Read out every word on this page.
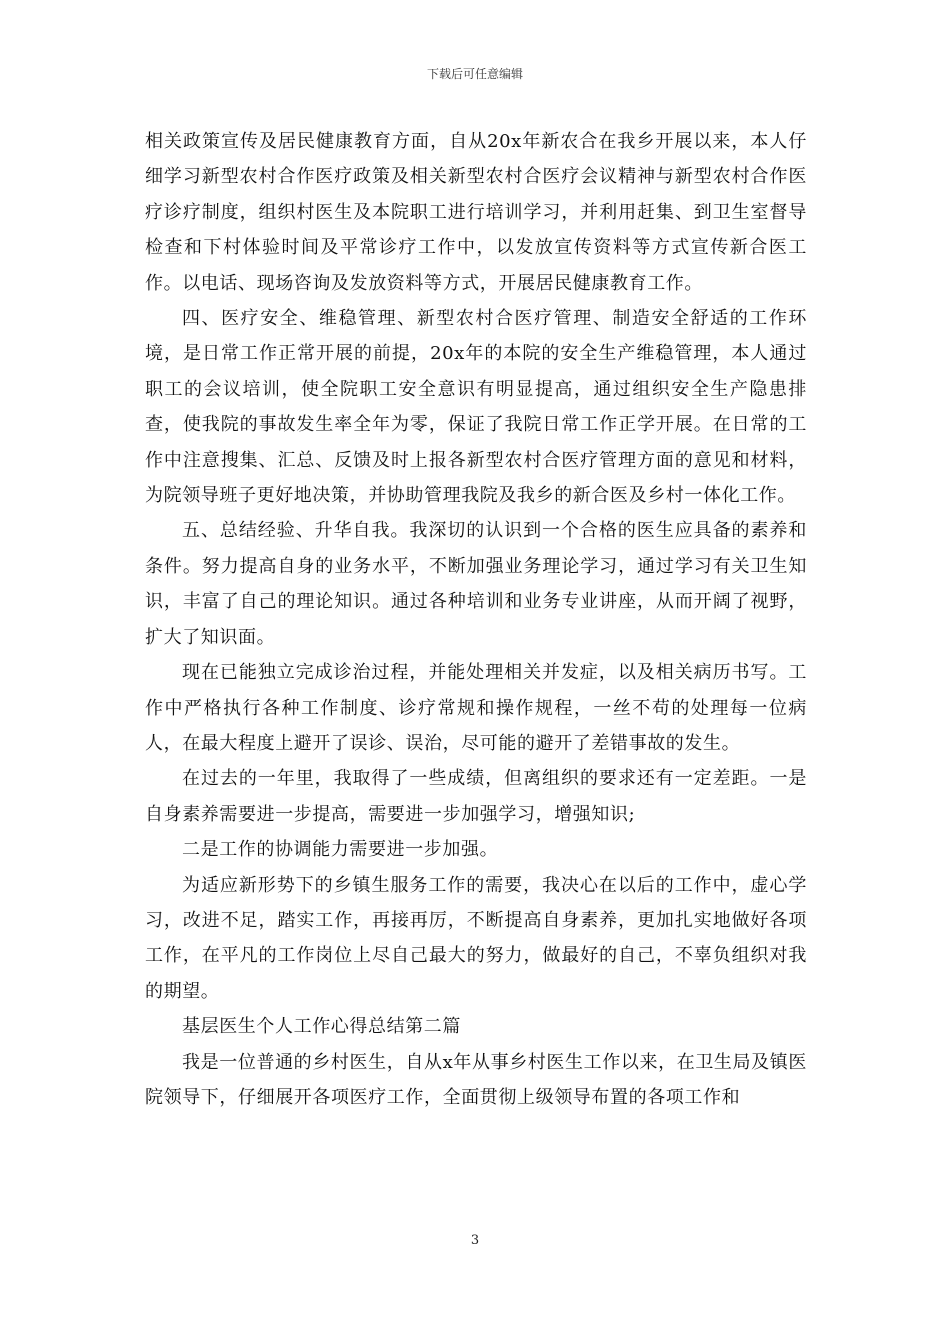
下载后可任意编辑

相关政策宣传及居民健康教育方面，自从20x年新农合在我乡开展以来，本人仔细学习新型农村合作医疗政策及相关新型农村合医疗会议精神与新型农村合作医疗诊疗制度，组织村医生及本院职工进行培训学习，并利用赶集、到卫生室督导检查和下村体验时间及平常诊疗工作中，以发放宣传资料等方式宣传新合医工作。以电话、现场咨询及发放资料等方式，开展居民健康教育工作。

四、医疗安全、维稳管理、新型农村合医疗管理、制造安全舒适的工作环境，是日常工作正常开展的前提，20x年的本院的安全生产维稳管理，本人通过职工的会议培训，使全院职工安全意识有明显提高，通过组织安全生产隐患排查，使我院的事故发生率全年为零，保证了我院日常工作正学开展。在日常的工作中注意搜集、汇总、反馈及时上报各新型农村合医疗管理方面的意见和材料，为院领导班子更好地决策，并协助管理我院及我乡的新合医及乡村一体化工作。

五、总结经验、升华自我。我深切的认识到一个合格的医生应具备的素养和条件。努力提高自身的业务水平，不断加强业务理论学习，通过学习有关卫生知识，丰富了自己的理论知识。通过各种培训和业务专业讲座，从而开阔了视野，扩大了知识面。

现在已能独立完成诊治过程，并能处理相关并发症，以及相关病历书写。工作中严格执行各种工作制度、诊疗常规和操作规程，一丝不苟的处理每一位病人，在最大程度上避开了误诊、误治，尽可能的避开了差错事故的发生。

在过去的一年里，我取得了一些成绩，但离组织的要求还有一定差距。一是自身素养需要进一步提高，需要进一步加强学习，增强知识;

二是工作的协调能力需要进一步加强。

为适应新形势下的乡镇生服务工作的需要，我决心在以后的工作中，虚心学习，改进不足，踏实工作，再接再厉，不断提高自身素养，更加扎实地做好各项工作，在平凡的工作岗位上尽自己最大的努力，做最好的自己，不辜负组织对我的期望。

基层医生个人工作心得总结第二篇

我是一位普通的乡村医生，自从x年从事乡村医生工作以来，在卫生局及镇医院领导下，仔细展开各项医疗工作，全面贯彻上级领导布置的各项工作和

3
